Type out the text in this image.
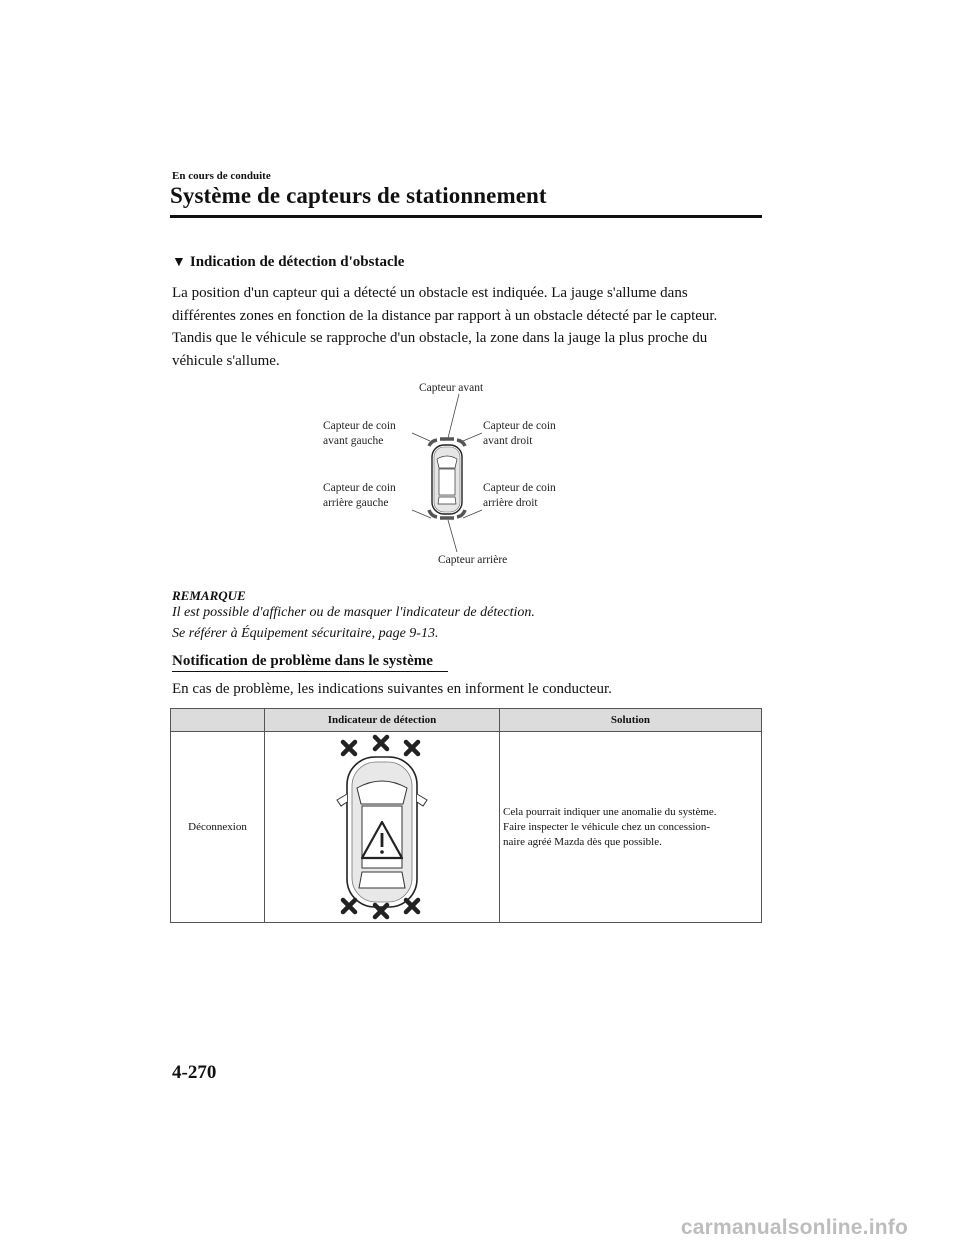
En cours de conduite
Système de capteurs de stationnement
▼ Indication de détection d'obstacle
La position d'un capteur qui a détecté un obstacle est indiquée. La jauge s'allume dans
différentes zones en fonction de la distance par rapport à un obstacle détecté par le capteur.
Tandis que le véhicule se rapproche d'un obstacle, la zone dans la jauge la plus proche du
véhicule s'allume.
Capteur avant
Capteur de coin
avant gauche
Capteur de coin
avant droit
Capteur de coin
arrière gauche
Capteur de coin
arrière droit
Capteur arrière
REMARQUE
Il est possible d'afficher ou de masquer l'indicateur de détection.
Se référer à Équipement sécuritaire, page 9-13.
Notification de problème dans le système
En cas de problème, les indications suivantes en informent le conducteur.
	Indicateur de détection	Solution
Déconnexion		Cela pourrait indiquer une anomalie du système.
Faire inspecter le véhicule chez un concession-
naire agréé Mazda dès que possible.
4-270
carmanualsonline.info
